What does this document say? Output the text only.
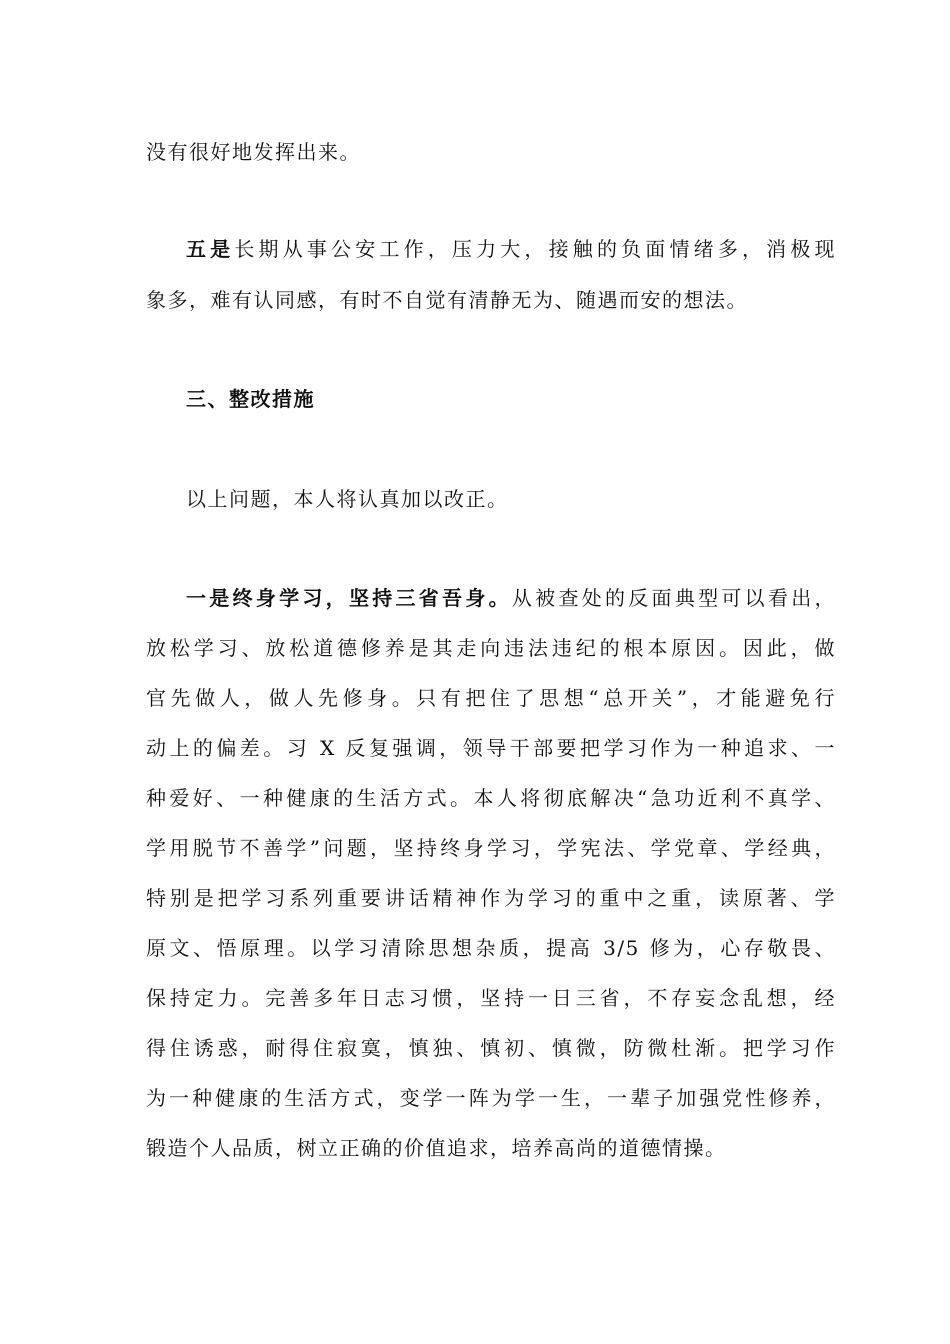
没有很好地发挥出来。
五是长期从事公安工作，压力大，接触的负面情绪多，消极现
象多，难有认同感，有时不自觉有清静无为、随遇而安的想法。
三、整改措施
以上问题，本人将认真加以改正。
一是终身学习，坚持三省吾身。从被查处的反面典型可以看出，
放松学习、放松道德修养是其走向违法违纪的根本原因。因此，做
官先做人，做人先修身。只有把住了思想“总开关”，才能避免行
动上的偏差。习 X 反复强调，领导干部要把学习作为一种追求、一
种爱好、一种健康的生活方式。本人将彻底解决“急功近利不真学、
学用脱节不善学”问题，坚持终身学习，学宪法、学党章、学经典，
特别是把学习系列重要讲话精神作为学习的重中之重，读原著、学
原文、悟原理。以学习清除思想杂质，提高 3/5 修为，心存敬畏、
保持定力。完善多年日志习惯，坚持一日三省，不存妄念乱想，经
得住诱惑，耐得住寂寞，慎独、慎初、慎微，防微杜渐。把学习作
为一种健康的生活方式，变学一阵为学一生，一辈子加强党性修养，
锻造个人品质，树立正确的价值追求，培养高尚的道德情操。
